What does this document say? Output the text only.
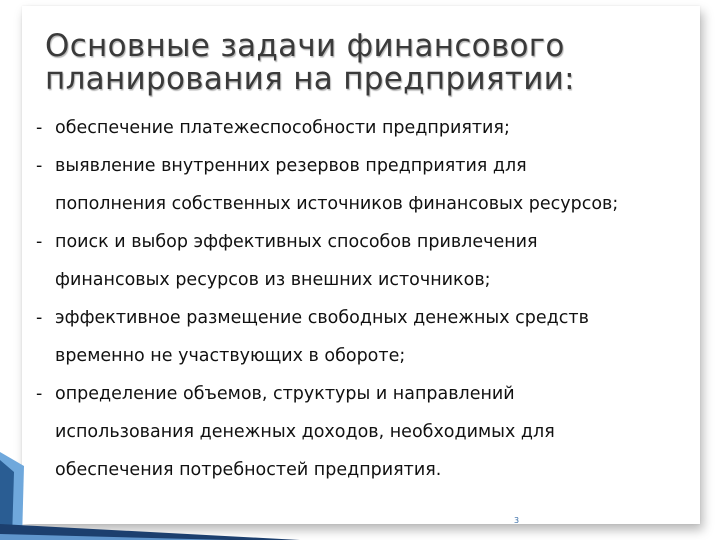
Основные задачи финансового
планирования на предприятии:
- обеспечение платежеспособности предприятия;
- выявление внутренних резервов предприятия для
пополнения собственных источников финансовых ресурсов;
- поиск и выбор эффективных способов привлечения
финансовых ресурсов из внешних источников;
- эффективное размещение свободных денежных средств
временно не участвующих в обороте;
- определение объемов, структуры и направлений
использования денежных доходов, необходимых для
обеспечения потребностей предприятия.
3
